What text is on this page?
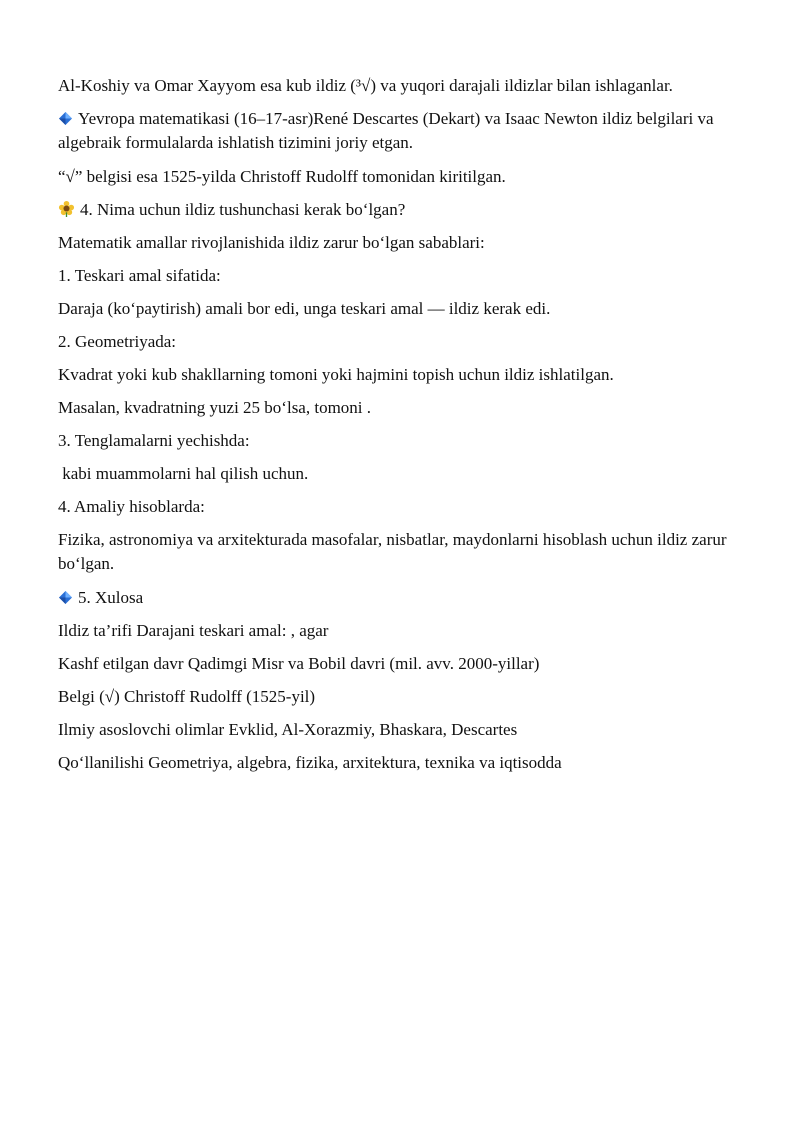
Al-Koshiy va Omar Xayyom esa kub ildiz (³√) va yuqori darajali ildizlar bilan ishlaganlar.

Yevropa matematikasi (16–17-asr)René Descartes (Dekart) va Isaac Newton ildiz belgilari va algebraik formulalarda ishlatish tizimini joriy etgan.

“√” belgisi esa 1525-yilda Christoff Rudolff tomonidan kiritilgan.

4. Nima uchun ildiz tushunchasi kerak bo‘lgan?

Matematik amallar rivojlanishida ildiz zarur bo‘lgan sabablari:

1. Teskari amal sifatida:

Daraja (ko‘paytirish) amali bor edi, unga teskari amal — ildiz kerak edi.

2. Geometriyada:

Kvadrat yoki kub shakllarning tomoni yoki hajmini topish uchun ildiz ishlatilgan.

Masalan, kvadratning yuzi 25 bo‘lsa, tomoni .

3. Tenglamalarni yechishda:

kabi muammolarni hal qilish uchun.

4. Amaliy hisoblarda:

Fizika, astronomiya va arxitekturada masofalar, nisbatlar, maydonlarni hisoblash uchun ildiz zarur bo‘lgan.

5. Xulosa

Ildiz ta’rifi Darajani teskari amal: , agar

Kashf etilgan davr Qadimgi Misr va Bobil davri (mil. avv. 2000-yillar)

Belgi (√) Christoff Rudolff (1525-yil)

Ilmiy asoslovchi olimlar Evklid, Al-Xorazmiy, Bhaskara, Descartes

Qo‘llanilishi Geometriya, algebra, fizika, arxitektura, texnika va iqtisodda
